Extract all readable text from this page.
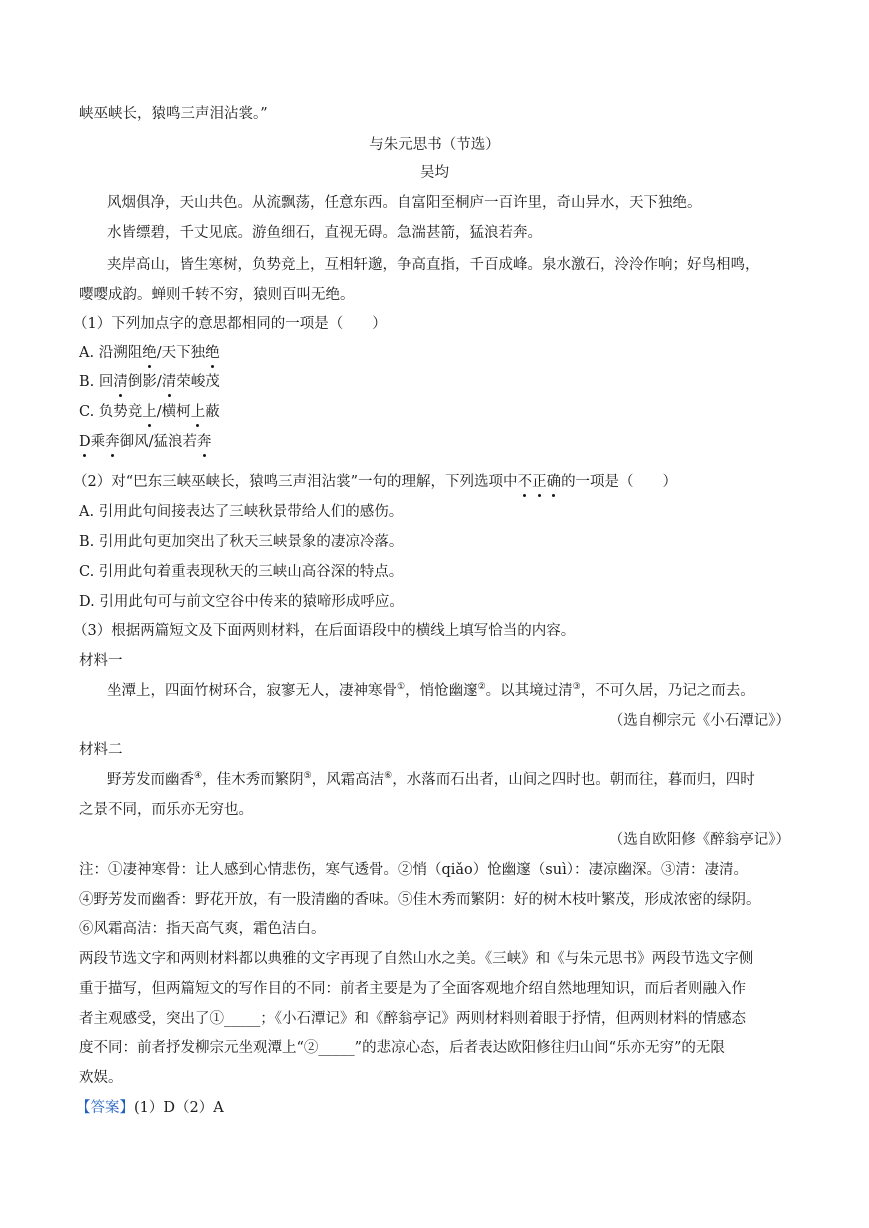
峡巫峡长，猿鸣三声泪沾裳。”
与朱元思书（节选）
吴均
风烟俱净，天山共色。从流飘荡，任意东西。自富阳至桐庐一百许里，奇山异水，天下独绝。
水皆缥碧，千丈见底。游鱼细石，直视无碍。急湍甚箭，猛浪若奔。
夹岸高山，皆生寒树，负势竞上，互相轩邈，争高直指，千百成峰。泉水激石，泠泠作响；好鸟相鸣，
嘤嘤成韵。蝉则千转不穷，猿则百叫无绝。
（1）下列加点字的意思都相同的一项是（　　）
A. 沿溯阻绝/天下独绝
B. 回清倒影/清荣峻茂
C. 负势竞上/横柯上蔽
D乘奔御风/猛浪若奔
（2）对“巴东三峡巫峡长，猿鸣三声泪沾裳”一句的理解，下列选项中不正确的一项是（　　）
A. 引用此句间接表达了三峡秋景带给人们的感伤。
B. 引用此句更加突出了秋天三峡景象的凄凉冷落。
C. 引用此句着重表现秋天的三峡山高谷深的特点。
D. 引用此句可与前文空谷中传来的猿啼形成呼应。
（3）根据两篇短文及下面两则材料，在后面语段中的横线上填写恰当的内容。
材料一
坐潭上，四面竹树环合，寂寥无人，凄神寒骨①，悄怆幽邃②。以其境过清③，不可久居，乃记之而去。
（选自柳宗元《小石潭记》）
材料二
野芳发而幽香④，佳木秀而繁阴⑤，风霜高洁⑥，水落而石出者，山间之四时也。朝而往，暮而归，四时
之景不同，而乐亦无穷也。
（选自欧阳修《醉翁亭记》）
注：①凄神寒骨：让人感到心情悲伤，寒气透骨。②悄（qiǎo）怆幽邃（suì）：凄凉幽深。③清：凄清。
④野芳发而幽香：野花开放，有一股清幽的香味。⑤佳木秀而繁阴：好的树木枝叶繁茂，形成浓密的绿阴。
⑥风霜高洁：指天高气爽，霜色洁白。
两段节选文字和两则材料都以典雅的文字再现了自然山水之美。《三峡》和《与朱元思书》两段节选文字侧
重于描写，但两篇短文的写作目的不同：前者主要是为了全面客观地介绍自然地理知识，而后者则融入作
者主观感受，突出了①_____；《小石潭记》和《醉翁亭记》两则材料则着眼于抒情，但两则材料的情感态
度不同：前者抒发柳宗元坐观潭上“②_____”的悲凉心态，后者表达欧阳修往归山间“乐亦无穷”的无限
欢娱。
【答案】(1）D（2）A
